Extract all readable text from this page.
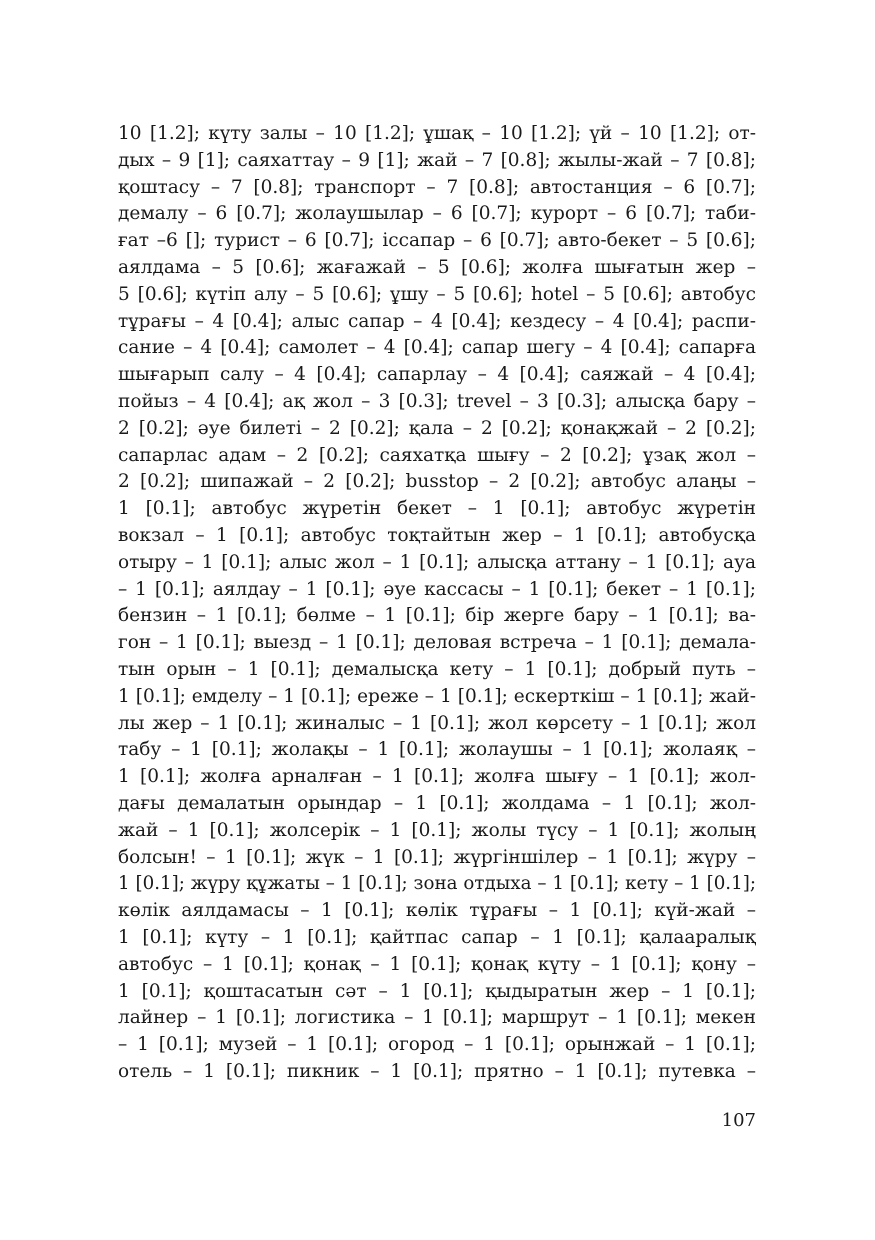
10 [1.2]; күту залы – 10 [1.2]; ұшақ – 10 [1.2]; үй – 10 [1.2]; от-
дых – 9 [1]; саяхаттау – 9 [1]; жай – 7 [0.8]; жылы-жай – 7 [0.8];
қоштасу – 7 [0.8]; транспорт – 7 [0.8]; автостанция – 6 [0.7];
демалу – 6 [0.7]; жолаушылар – 6 [0.7]; курорт – 6 [0.7]; таби-
ғат –6 []; турист – 6 [0.7]; іссапар – 6 [0.7]; авто-бекет – 5 [0.6];
аялдама – 5 [0.6]; жағажай – 5 [0.6]; жолға шығатын жер –
5 [0.6]; күтіп алу – 5 [0.6]; ұшу – 5 [0.6]; hotel – 5 [0.6]; автобус
тұрағы – 4 [0.4]; алыс сапар – 4 [0.4]; кездесу – 4 [0.4]; распи-
сание – 4 [0.4]; самолет – 4 [0.4]; сапар шегу – 4 [0.4]; сапарға
шығарып салу – 4 [0.4]; сапарлау – 4 [0.4]; саяжай – 4 [0.4];
пойыз – 4 [0.4]; ақ жол – 3 [0.3]; trevel – 3 [0.3]; алысқа бару –
2 [0.2]; әуе билеті – 2 [0.2]; қала – 2 [0.2]; қонақжай – 2 [0.2];
сапарлас адам – 2 [0.2]; саяхатқа шығу – 2 [0.2]; ұзақ жол –
2 [0.2]; шипажай – 2 [0.2]; busstop – 2 [0.2]; автобус алаңы –
1 [0.1]; автобус жүретін бекет – 1 [0.1]; автобус жүретін
вокзал – 1 [0.1]; автобус тоқтайтын жер – 1 [0.1]; автобусқа
отыру – 1 [0.1]; алыс жол – 1 [0.1]; алысқа аттану – 1 [0.1]; ауа
– 1 [0.1]; аялдау – 1 [0.1]; әуе кассасы – 1 [0.1]; бекет – 1 [0.1];
бензин – 1 [0.1]; бөлме – 1 [0.1]; бір жерге бару – 1 [0.1]; ва-
гон – 1 [0.1]; выезд – 1 [0.1]; деловая встреча – 1 [0.1]; демала-
тын орын – 1 [0.1]; демалысқа кету – 1 [0.1]; добрый путь –
1 [0.1]; емделу – 1 [0.1]; ереже – 1 [0.1]; ескерткіш – 1 [0.1]; жай-
лы жер – 1 [0.1]; жиналыс – 1 [0.1]; жол көрсету – 1 [0.1]; жол
табу – 1 [0.1]; жолақы – 1 [0.1]; жолаушы – 1 [0.1]; жолаяқ –
1 [0.1]; жолға арналған – 1 [0.1]; жолға шығу – 1 [0.1]; жол-
дағы демалатын орындар – 1 [0.1]; жолдама – 1 [0.1]; жол-
жай – 1 [0.1]; жолсерік – 1 [0.1]; жолы түсу – 1 [0.1]; жолың
болсын! – 1 [0.1]; жүк – 1 [0.1]; жүргіншілер – 1 [0.1]; жүру –
1 [0.1]; жүру құжаты – 1 [0.1]; зона отдыха – 1 [0.1]; кету – 1 [0.1];
көлік аялдамасы – 1 [0.1]; көлік тұрағы – 1 [0.1]; күй-жай –
1 [0.1]; күту – 1 [0.1]; қайтпас сапар – 1 [0.1]; қалааралық
автобус – 1 [0.1]; қонақ – 1 [0.1]; қонақ күту – 1 [0.1]; қону –
1 [0.1]; қоштасатын сәт – 1 [0.1]; қыдыратын жер – 1 [0.1];
лайнер – 1 [0.1]; логистика – 1 [0.1]; маршрут – 1 [0.1]; мекен
– 1 [0.1]; музей – 1 [0.1]; огород – 1 [0.1]; орынжай – 1 [0.1];
отель – 1 [0.1]; пикник – 1 [0.1]; прятно – 1 [0.1]; путевка –
107
